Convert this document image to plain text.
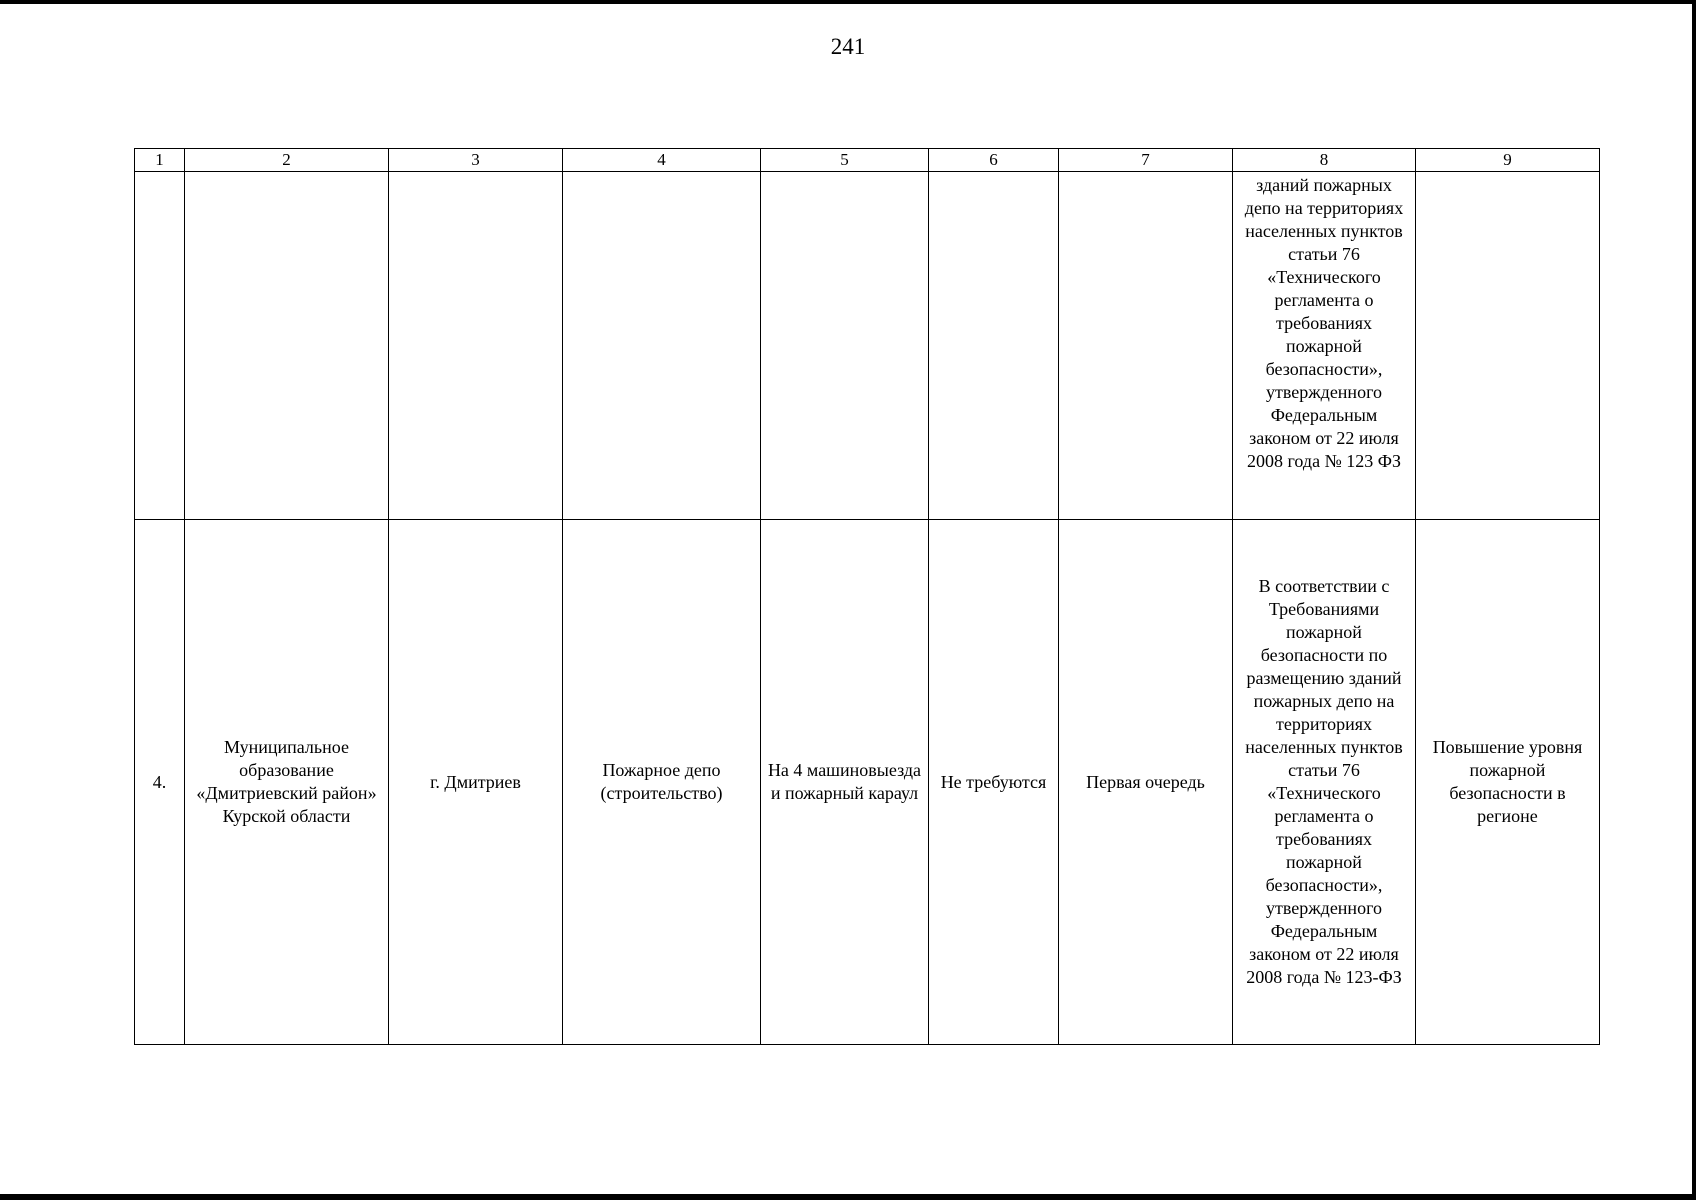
241
1	2	3	4	5	6	7	8	9
							зданий пожарных депо на территориях населенных пунктов статьи 76 «Технического регламента о требованиях пожарной безопасности», утвержденного Федеральным законом от 22 июля 2008 года № 123 ФЗ	
4.	Муниципальное образование «Дмитриевский район» Курской области	г. Дмитриев	Пожарное депо (строительство)	На 4 машиновыезда и пожарный караул	Не требуются	Первая очередь	В соответствии с Требованиями пожарной безопасности по размещению зданий пожарных депо на территориях населенных пунктов статьи 76 «Технического регламента о требованиях пожарной безопасности», утвержденного Федеральным законом от 22 июля 2008 года № 123-ФЗ	Повышение уровня пожарной безопасности в регионе
